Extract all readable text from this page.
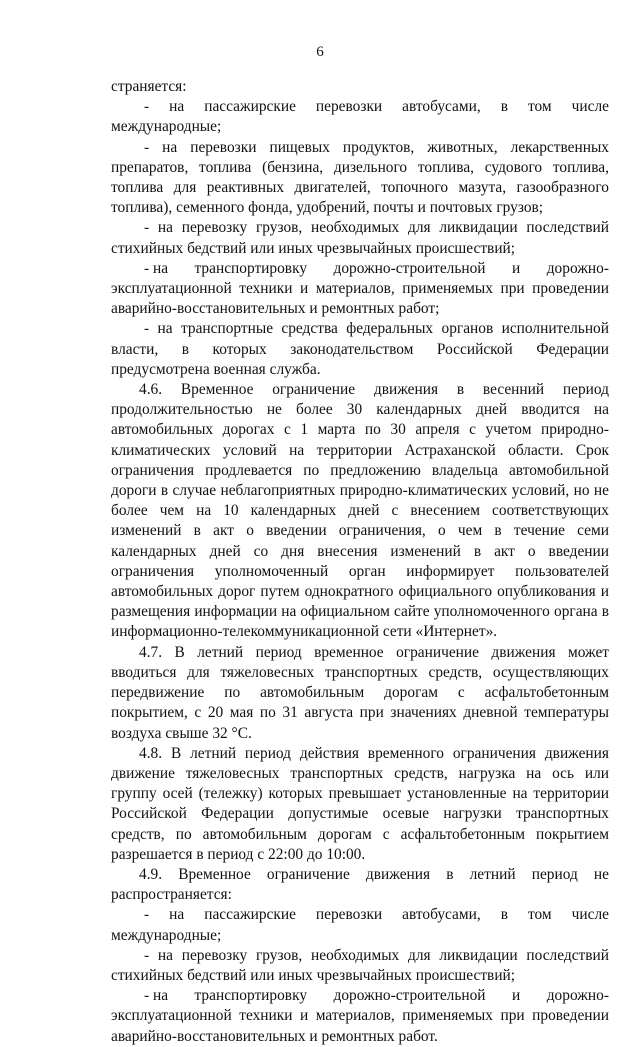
6
страняется:
- на пассажирские перевозки автобусами, в том числе международные;
- на перевозки пищевых продуктов, животных, лекарственных препаратов, топлива (бензина, дизельного топлива, судового топлива, топлива для реактивных двигателей, топочного мазута, газообразного топлива), семенного фонда, удобрений, почты и почтовых грузов;
- на перевозку грузов, необходимых для ликвидации последствий стихийных бедствий или иных чрезвычайных происшествий;
- на транспортировку дорожно-строительной и дорожно-
эксплуатационной техники и материалов, применяемых при проведении аварийно-восстановительных и ремонтных работ;
- на транспортные средства федеральных органов исполнительной власти, в которых законодательством Российской Федерации предусмотрена военная служба.
4.6. Временное ограничение движения в весенний период продолжительностью не более 30 календарных дней вводится на автомобильных дорогах с 1 марта по 30 апреля с учетом природно-климатических условий на территории Астраханской области. Срок ограничения продлевается по предложению владельца автомобильной дороги в случае неблагоприятных природно-климатических условий, но не более чем на 10 календарных дней с внесением соответствующих изменений в акт о введении ограничения, о чем в течение семи календарных дней со дня внесения изменений в акт о введении ограничения уполномоченный орган информирует пользователей автомобильных дорог путем однократного официального опубликования и размещения информации на официальном сайте уполномоченного органа в информационно-телекоммуникационной сети «Интернет».
4.7. В летний период временное ограничение движения может вводиться для тяжеловесных транспортных средств, осуществляющих передвижение по автомобильным дорогам с асфальтобетонным покрытием, с 20 мая по 31 августа при значениях дневной температуры воздуха свыше 32 °С.
4.8. В летний период действия временного ограничения движения движение тяжеловесных транспортных средств, нагрузка на ось или группу осей (тележку) которых превышает установленные на территории Российской Федерации допустимые осевые нагрузки транспортных средств, по автомобильным дорогам с асфальтобетонным покрытием разрешается в период с 22:00 до 10:00.
4.9. Временное ограничение движения в летний период не распространяется:
- на пассажирские перевозки автобусами, в том числе международные;
- на перевозку грузов, необходимых для ликвидации последствий стихийных бедствий или иных чрезвычайных происшествий;
- на транспортировку дорожно-строительной и дорожно-
эксплуатационной техники и материалов, применяемых при проведении аварийно-восстановительных и ремонтных работ.
